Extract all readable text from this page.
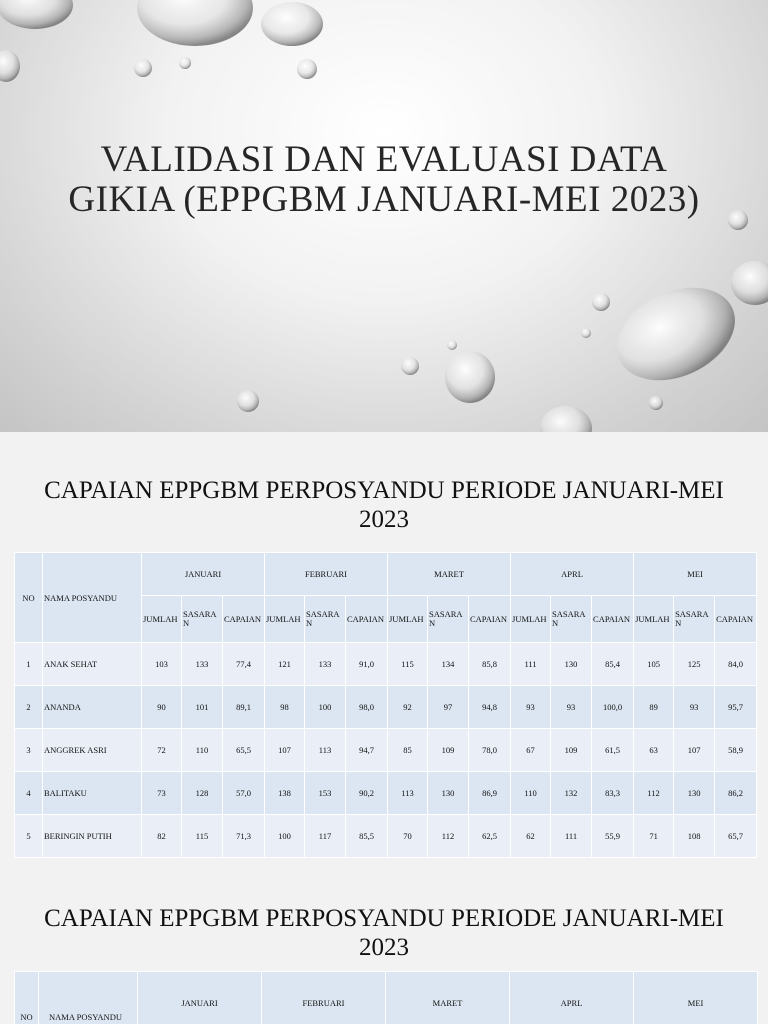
VALIDASI DAN EVALUASI DATA GIKIA (EPPGBM JANUARI-MEI 2023)
CAPAIAN EPPGBM PERPOSYANDU PERIODE JANUARI-MEI 2023
NO	NAMA POSYANDU	JANUARI			FEBRUARI			MARET			APRL			MEI		
		JUMLAH	SASARA N	CAPAIAN	JUMLAH	SASARA N	CAPAIAN	JUMLAH	SASARA N	CAPAIAN	JUMLAH	SASARA N	CAPAIAN	JUMLAH	SASARA N	CAPAIAN
1	ANAK SEHAT	103	133	77,4	121	133	91,0	115	134	85,8	111	130	85,4	105	125	84,0
2	ANANDA	90	101	89,1	98	100	98,0	92	97	94,8	93	93	100,0	89	93	95,7
3	ANGGREK ASRI	72	110	65,5	107	113	94,7	85	109	78,0	67	109	61,5	63	107	58,9
4	BALITAKU	73	128	57,0	138	153	90,2	113	130	86,9	110	132	83,3	112	130	86,2
5	BERINGIN PUTIH	82	115	71,3	100	117	85,5	70	112	62,5	62	111	55,9	71	108	65,7
CAPAIAN EPPGBM PERPOSYANDU PERIODE JANUARI-MEI 2023
NO	NAMA POSYANDU	JANUARI	FEBRUARI	MARET	APRL	MEI
